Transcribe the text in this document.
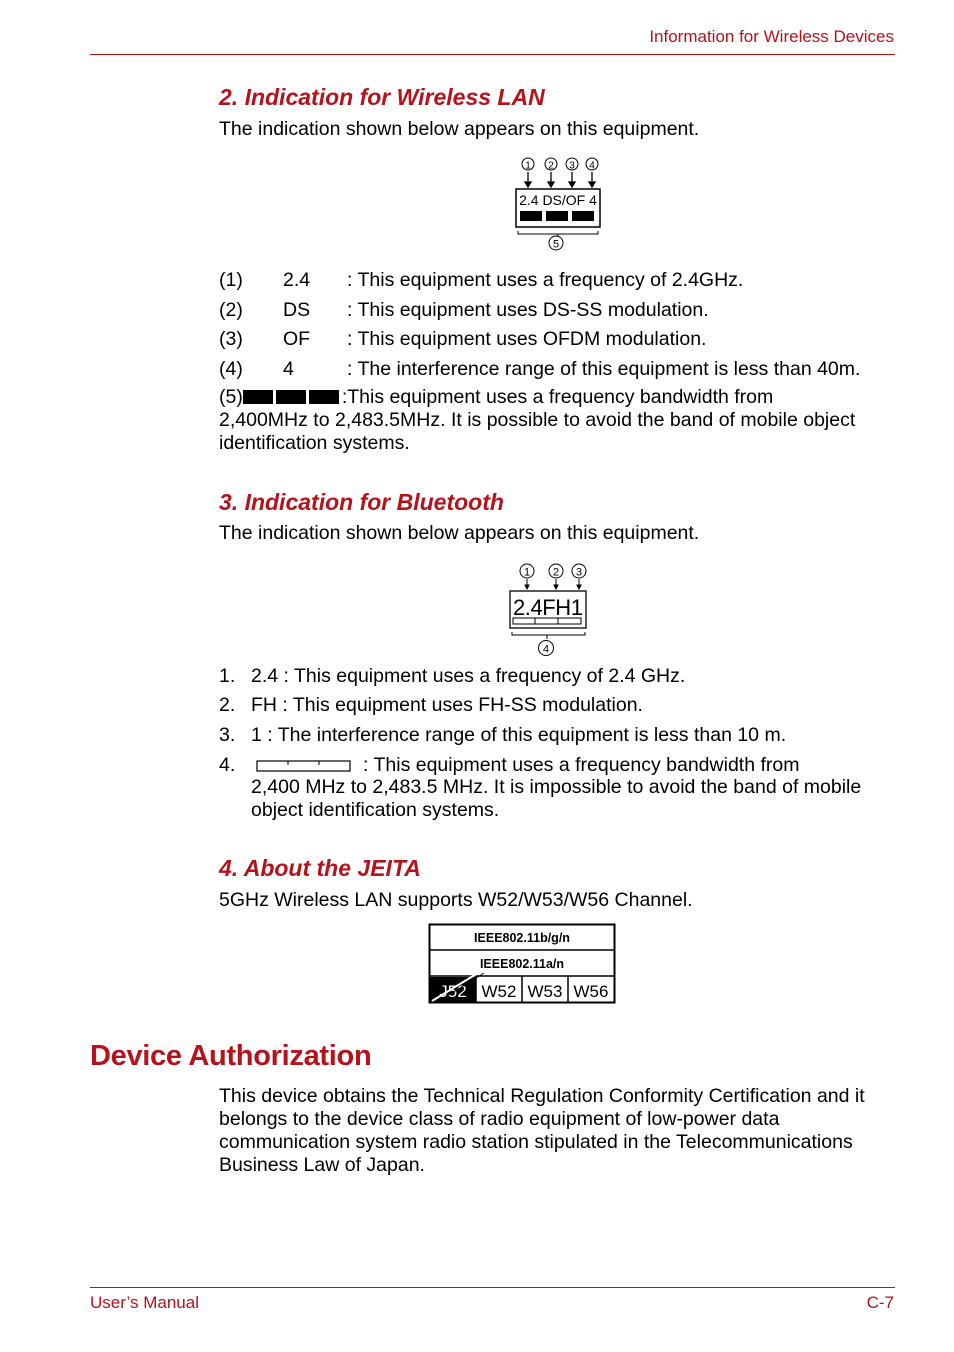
Information for Wireless Devices
2. Indication for Wireless LAN
The indication shown below appears on this equipment.
1 2 3 4
2.4 DS/OF 4
5
(1) 2.4 : This equipment uses a frequency of 2.4GHz.
(2) DS : This equipment uses DS-SS modulation.
(3) OF : This equipment uses OFDM modulation.
(4) 4	: The interference range of this equipment is less than 40m.
(5)	:This equipment uses a frequency bandwidth from
2,400MHz to 2,483.5MHz. It is possible to avoid the band of mobile object identification systems.
3. Indication for Bluetooth
The indication shown below appears on this equipment.
1 2 3
2.4FH1
4
1. 2.4 : This equipment uses a frequency of 2.4 GHz.
2. FH : This equipment uses FH-SS modulation.
3. 1 : The interference range of this equipment is less than 10 m.
4.	: This equipment uses a frequency bandwidth from
2,400 MHz to 2,483.5 MHz. It is impossible to avoid the band of mobile object identification systems.
4. About the JEITA
5GHz Wireless LAN supports W52/W53/W56 Channel.
IEEE802.11b/g/n
IEEE802.11a/n
J52 W52 W53 W56
Device Authorization
This device obtains the Technical Regulation Conformity Certification and it belongs to the device class of radio equipment of low-power data communication system radio station stipulated in the Telecommunications Business Law of Japan.
User’s Manual	C-7
